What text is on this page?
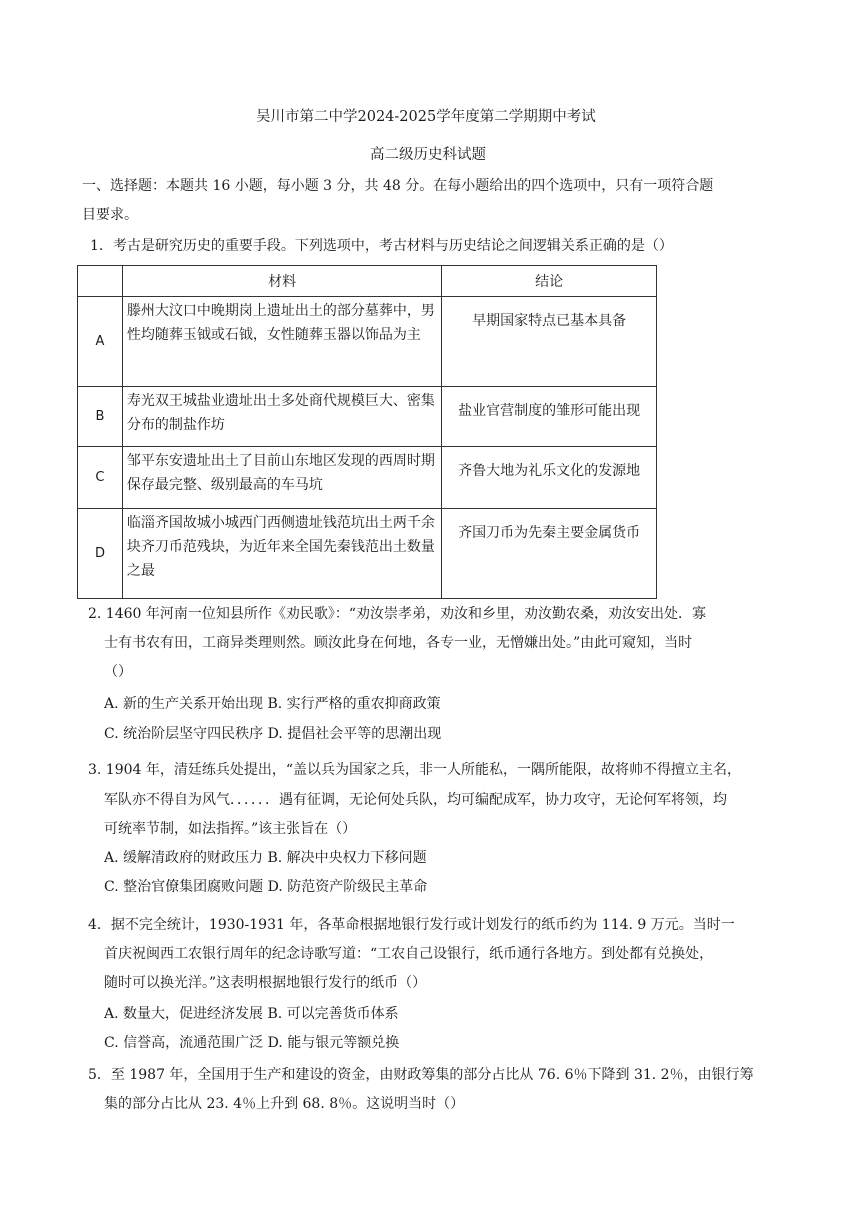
吴川市第二中学2024-2025学年度第二学期期中考试
高二级历史科试题
一、选择题：本题共 16 小题，每小题 3 分，共 48 分。在每小题给出的四个选项中，只有一项符合题
目要求。
1．考古是研究历史的重要手段。下列选项中，考古材料与历史结论之间逻辑关系正确的是（）
	材料	结论
A	滕州大汶口中晚期岗上遗址出土的部分墓葬中，男性均随葬玉钺或石钺，女性随葬玉器以饰品为主	早期国家特点已基本具备
B	寿光双王城盐业遗址出土多处商代规模巨大、密集分布的制盐作坊	盐业官营制度的雏形可能出现
C	邹平东安遗址出土了目前山东地区发现的西周时期保存最完整、级别最高的车马坑	齐鲁大地为礼乐文化的发源地
D	临淄齐国故城小城西门西侧遗址钱范坑出土两千余块齐刀币范残块，为近年来全国先秦钱范出土数量之最	齐国刀币为先秦主要金属货币
2. 1460 年河南一位知县所作《劝民歌》：“劝汝崇孝弟，劝汝和乡里，劝汝勤农桑，劝汝安出处．寡
士有书农有田，工商异类理则然。顾汝此身在何地，各专一业，无憎嫌出处。”由此可窥知，当时
（）
A. 新的生产关系开始出现 B. 实行严格的重农抑商政策
C. 统治阶层坚守四民秩序 D. 提倡社会平等的思潮出现
3. 1904 年，清廷练兵处提出，“盖以兵为国家之兵，非一人所能私，一隅所能限，故将帅不得擅立主名，
军队亦不得自为风气．．．．．．遇有征调，无论何处兵队，均可编配成军，协力攻守，无论何军将领，均
可统率节制，如法指挥。”该主张旨在（）
A. 缓解清政府的财政压力 B. 解决中央权力下移问题
C. 整治官僚集团腐败问题 D. 防范资产阶级民主革命
4．据不完全统计，1930-1931 年，各革命根据地银行发行或计划发行的纸币约为 114. 9 万元。当时一
首庆祝闽西工农银行周年的纪念诗歌写道：“工农自己设银行，纸币通行各地方。到处都有兑换处，
随时可以换光洋。”这表明根据地银行发行的纸币（）
A. 数量大，促进经济发展 B. 可以完善货币体系
C. 信誉高，流通范围广泛 D. 能与银元等额兑换
5．至 1987 年，全国用于生产和建设的资金，由财政筹集的部分占比从 76. 6％下降到 31. 2％，由银行筹
集的部分占比从 23. 4％上升到 68. 8％。这说明当时（）
